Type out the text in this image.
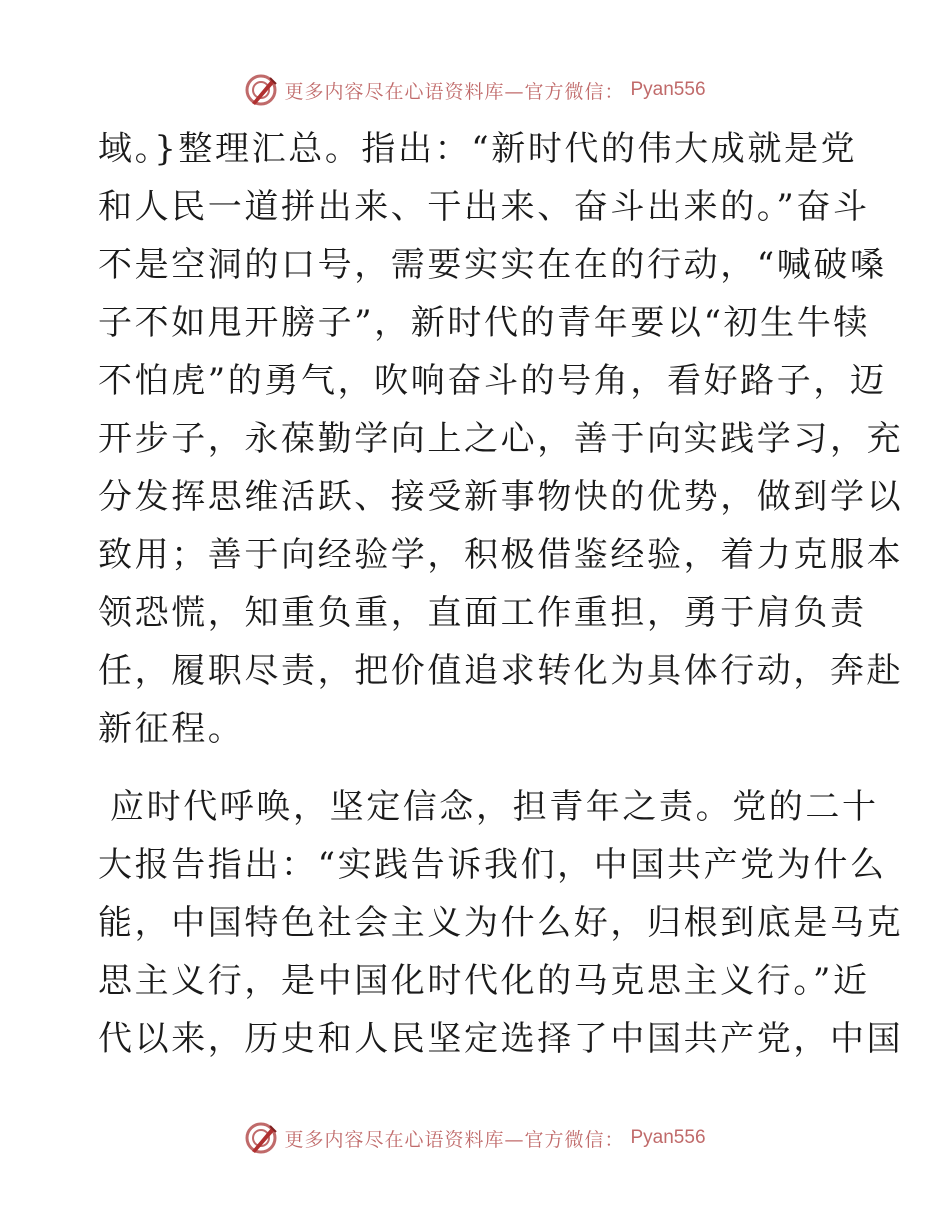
更多内容尽在心语资料库—官方微信： Pyan556
域。}整理汇总。指出：“新时代的伟大成就是党
和人民一道拼出来、干出来、奋斗出来的。”奋斗
不是空洞的口号，需要实实在在的行动，“喊破嗓
子不如甩开膀子”，新时代的青年要以“初生牛犊
不怕虎”的勇气，吹响奋斗的号角，看好路子，迈
开步子，永葆勤学向上之心，善于向实践学习，充
分发挥思维活跃、接受新事物快的优势，做到学以
致用；善于向经验学，积极借鉴经验，着力克服本
领恐慌，知重负重，直面工作重担，勇于肩负责
任，履职尽责，把价值追求转化为具体行动，奔赴
新征程。
应时代呼唤，坚定信念，担青年之责。党的二十
大报告指出：“实践告诉我们，中国共产党为什么
能，中国特色社会主义为什么好，归根到底是马克
思主义行，是中国化时代化的马克思主义行。”近
代以来，历史和人民坚定选择了中国共产党，中国
更多内容尽在心语资料库—官方微信： Pyan556
